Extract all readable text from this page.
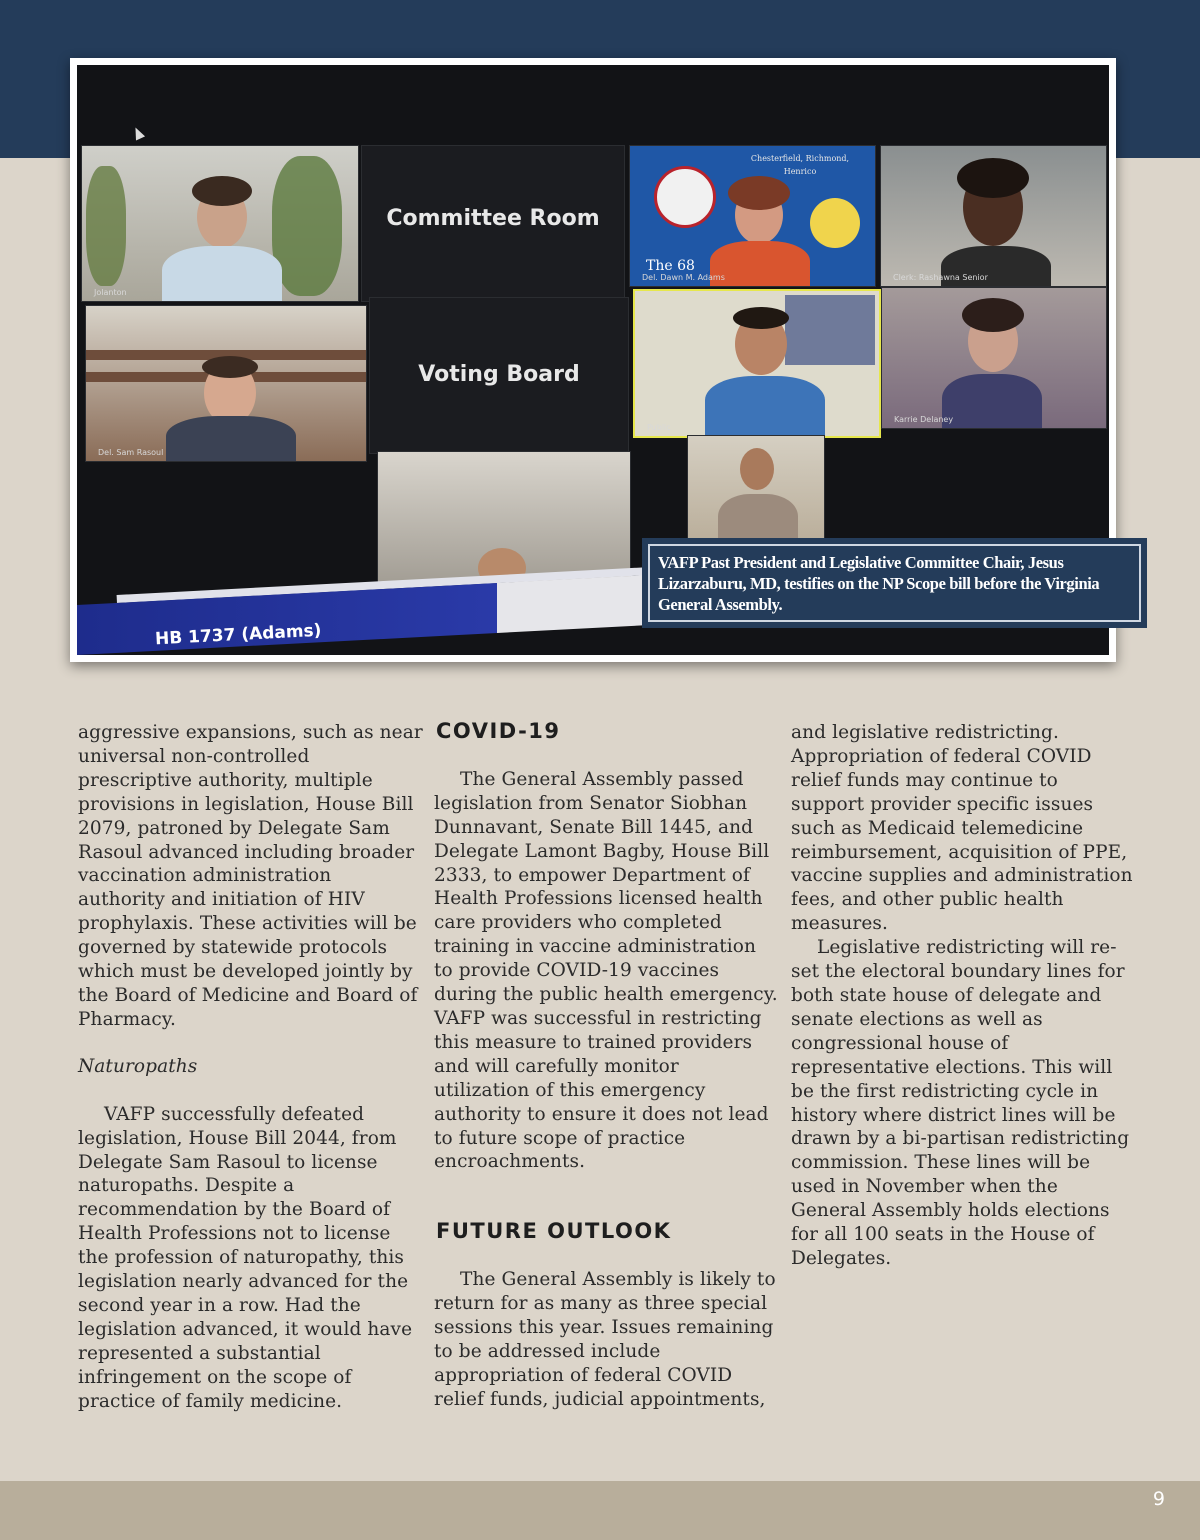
Jolanton
Committee Room
Chesterfield, Richmond, Henrico
The 68
Del. Dawn M. Adams	Clerk: Rashawna Senior
Del. Sam Rasoul
Voting Board
Public
Karrie Delaney
HB 1737 (Adams)
VAFP Past President and Legislative Committee Chair, Jesus Lizarzaburu, MD, testifies on the NP Scope bill before the Virginia General Assembly.

aggressive expansions, such as near universal non-controlled prescriptive authority, multiple provisions in legislation, House Bill 2079, patroned by Delegate Sam Rasoul advanced including broader vaccination administration authority and initiation of HIV prophylaxis. These activities will be governed by statewide protocols which must be developed jointly by the Board of Medicine and Board of Pharmacy.

Naturopaths

VAFP successfully defeated legislation, House Bill 2044, from Delegate Sam Rasoul to license naturopaths. Despite a recommendation by the Board of Health Professions not to license the profession of naturopathy, this legislation nearly advanced for the second year in a row. Had the legislation advanced, it would have represented a substantial infringement on the scope of practice of family medicine.

COVID-19

The General Assembly passed legislation from Senator Siobhan Dunnavant, Senate Bill 1445, and Delegate Lamont Bagby, House Bill 2333, to empower Department of Health Professions licensed health care providers who completed training in vaccine administration to provide COVID-19 vaccines during the public health emergency. VAFP was successful in restricting this measure to trained providers and will carefully monitor utilization of this emergency authority to ensure it does not lead to future scope of practice encroachments.

FUTURE OUTLOOK

The General Assembly is likely to return for as many as three special sessions this year. Issues remaining to be addressed include appropriation of federal COVID relief funds, judicial appointments,

and legislative redistricting. Appropriation of federal COVID relief funds may continue to support provider specific issues such as Medicaid telemedicine reimbursement, acquisition of PPE, vaccine supplies and administration fees, and other public health measures.

Legislative redistricting will re-set the electoral boundary lines for both state house of delegate and senate elections as well as congressional house of representative elections. This will be the first redistricting cycle in history where district lines will be drawn by a bi-partisan redistricting commission. These lines will be used in November when the General Assembly holds elections for all 100 seats in the House of Delegates.

9
